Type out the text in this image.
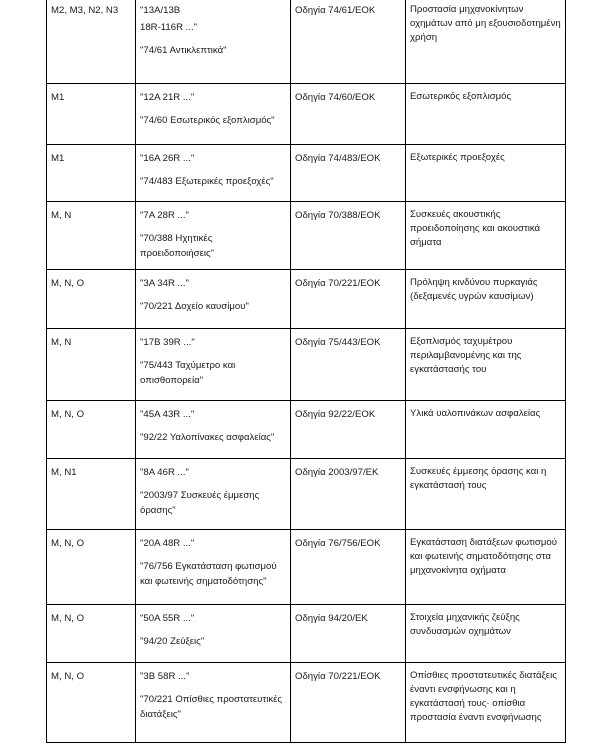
M2, M3, N2, N3	"13A/13B

18R-116R ..."

"74/61 Αντικλεπτικά"	Οδηγία 74/61/ΕΟΚ	Προστασία μηχανοκίνητων οχημάτων από μη εξουσιοδοτημένη χρήση
M1	"12A 21R ..."

"74/60 Εσωτερικός εξοπλισμός"	Οδηγία 74/60/ΕΟΚ	Εσωτερικός εξοπλισμός
M1	"16A 26R ..."

"74/483 Εξωτερικές προεξοχές"	Οδηγία 74/483/ΕΟΚ	Εξωτερικές προεξοχές
M, N	"7A 28R ..."

"70/388 Ηχητικές προειδοποιήσεις"	Οδηγία 70/388/ΕΟΚ	Συσκευές ακουστικής προειδοποίησης και ακουστικά σήματα
M, N, O	"3A 34R ..."

"70/221 Δοχείο καυσίμου"	Οδηγία 70/221/ΕΟΚ	Πρόληψη κινδύνου πυρκαγιάς (δεξαμενές υγρών καυσίμων)
M, N	"17B 39R ..."

"75/443 Ταχύμετρο και οπισθοπορεία"	Οδηγία 75/443/ΕΟΚ	Εξοπλισμός ταχυμέτρου περιλαμβανομένης και της εγκατάστασής του
M, N, O	"45A 43R ..."

"92/22 Υαλοπίνακες ασφαλείας"	Οδηγία 92/22/ΕΟΚ	Υλικά υαλοπινάκων ασφαλείας
M, N1	"8A 46R ..."

"2003/97 Συσκευές έμμεσης όρασης"	Οδηγία 2003/97/ΕΚ	Συσκευές έμμεσης όρασης και η εγκατάστασή τους
M, N, O	"20A 48R ..."

"76/756 Εγκατάσταση φωτισμού και φωτεινής σηματοδότησης"	Οδηγία 76/756/ΕΟΚ	Εγκατάσταση διατάξεων φωτισμού και φωτεινής σηματοδότησης στα μηχανοκίνητα οχήματα
M, N, O	"50A 55R ..."

"94/20 Ζεύξεις"	Οδηγία 94/20/ΕΚ	Στοιχεία μηχανικής ζεύξης συνδυασμών οχημάτων
M, N, O	"3B 58R ..."

"70/221 Οπίσθιες προστατευτικές διατάξεις"	Οδηγία 70/221/ΕΟΚ	Οπίσθιες προστατευτικές διατάξεις έναντι ενσφήνωσης και η εγκατάστασή τους· οπίσθια προστασία έναντι ενσφήνωσης
